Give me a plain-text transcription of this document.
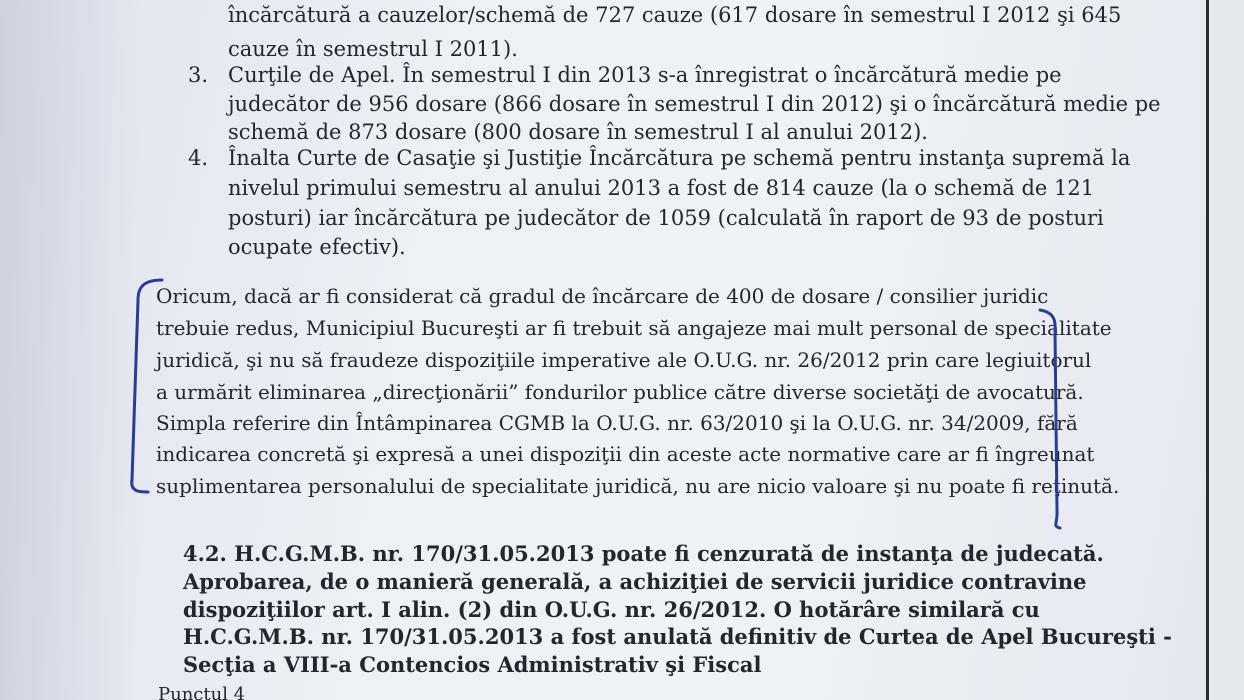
încărcătură a cauzelor/schemă de 727 cauze (617 dosare în semestrul I 2012 şi 645

cauze în semestrul I 2011).

3. Curţile de Apel. În semestrul I din 2013 s-a înregistrat o încărcătură medie pe

judecător de 956 dosare (866 dosare în semestrul I din 2012) şi o încărcătură medie pe

schemă de 873 dosare (800 dosare în semestrul I al anului 2012).

4. Înalta Curte de Casaţie şi Justiţie Încărcătura pe schemă pentru instanţa supremă la

nivelul primului semestru al anului 2013 a fost de 814 cauze (la o schemă de 121

posturi) iar încărcătura pe judecător de 1059 (calculată în raport de 93 de posturi

ocupate efectiv).

Oricum, dacă ar fi considerat că gradul de încărcare de 400 de dosare / consilier juridic

trebuie redus, Municipiul Bucureşti ar fi trebuit să angajeze mai mult personal de specialitate

juridică, şi nu să fraudeze dispoziţiile imperative ale O.U.G. nr. 26/2012 prin care legiuitorul

a urmărit eliminarea „direcţionării” fondurilor publice către diverse societăţi de avocatură.

Simpla referire din Întâmpinarea CGMB la O.U.G. nr. 63/2010 şi la O.U.G. nr. 34/2009, fără

indicarea concretă şi expresă a unei dispoziţii din aceste acte normative care ar fi îngreunat

suplimentarea personalului de specialitate juridică, nu are nicio valoare şi nu poate fi reţinută.

4.2. H.C.G.M.B. nr. 170/31.05.2013 poate fi cenzurată de instanţa de judecată.

Aprobarea, de o manieră generală, a achiziţiei de servicii juridice contravine

dispoziţiilor art. I alin. (2) din O.U.G. nr. 26/2012. O hotărâre similară cu

H.C.G.M.B. nr. 170/31.05.2013 a fost anulată definitiv de Curtea de Apel Bucureşti -

Secţia a VIII-a Contencios Administrativ şi Fiscal

Punctul 4
